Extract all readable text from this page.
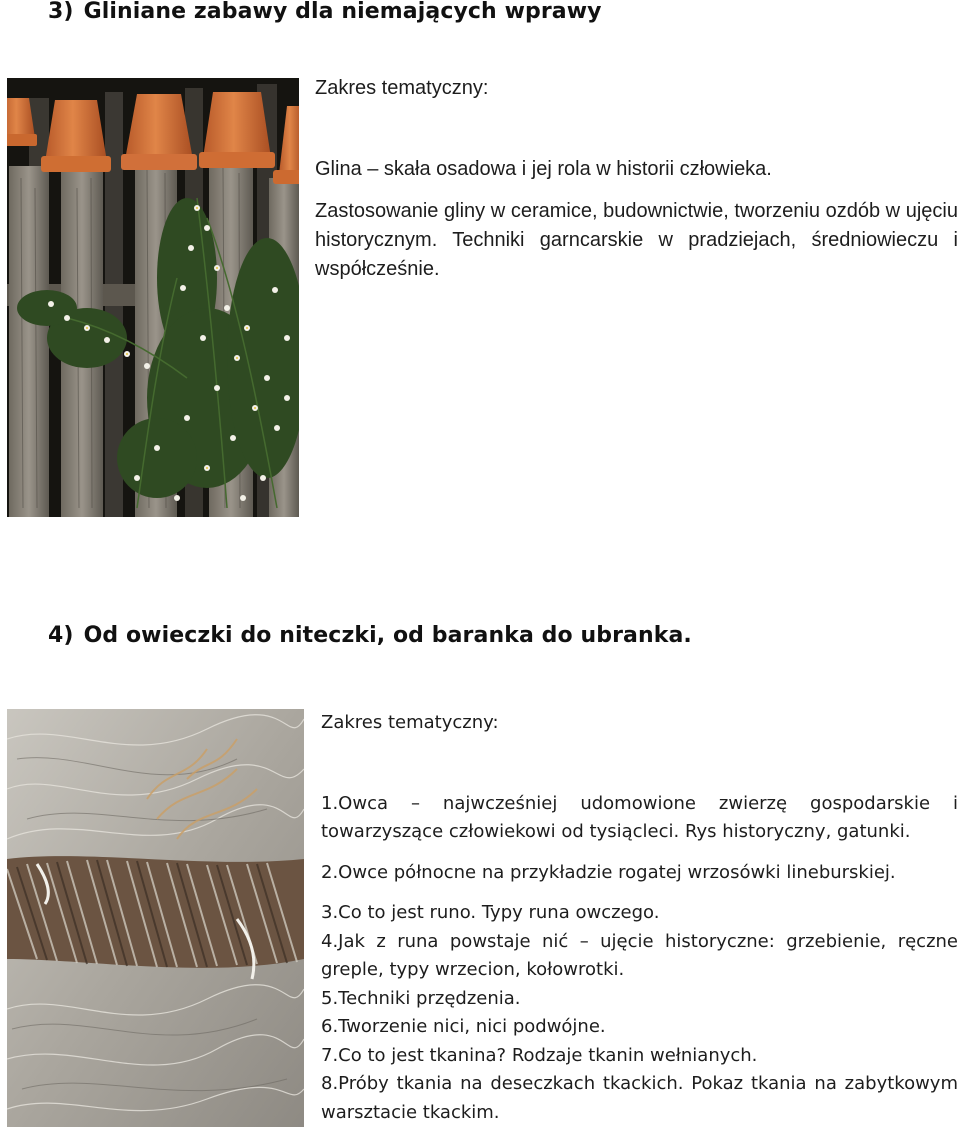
3) Gliniane zabawy dla niemających wprawy

Zakres tematyczny:

Glina – skała osadowa i jej rola w historii człowieka.

Zastosowanie gliny w ceramice, budownictwie, tworzeniu ozdób w ujęciu historycznym. Techniki garncarskie w pradziejach, średniowieczu i współcześnie.

4) Od owieczki do niteczki, od baranka do ubranka.

Zakres tematyczny:

1.Owca – najwcześniej udomowione zwierzę gospodarskie i towarzyszące człowiekowi od tysiącleci. Rys historyczny, gatunki.

2.Owce północne na przykładzie rogatej wrzosówki lineburskiej.

3.Co to jest runo. Typy runa owczego.

4.Jak z runa powstaje nić – ujęcie historyczne: grzebienie, ręczne greple, typy wrzecion, kołowrotki.

5.Techniki przędzenia.

6.Tworzenie nici, nici podwójne.

7.Co to jest tkanina? Rodzaje tkanin wełnianych.

8.Próby tkania na deseczkach tkackich. Pokaz tkania na zabytkowym warsztacie tkackim.
